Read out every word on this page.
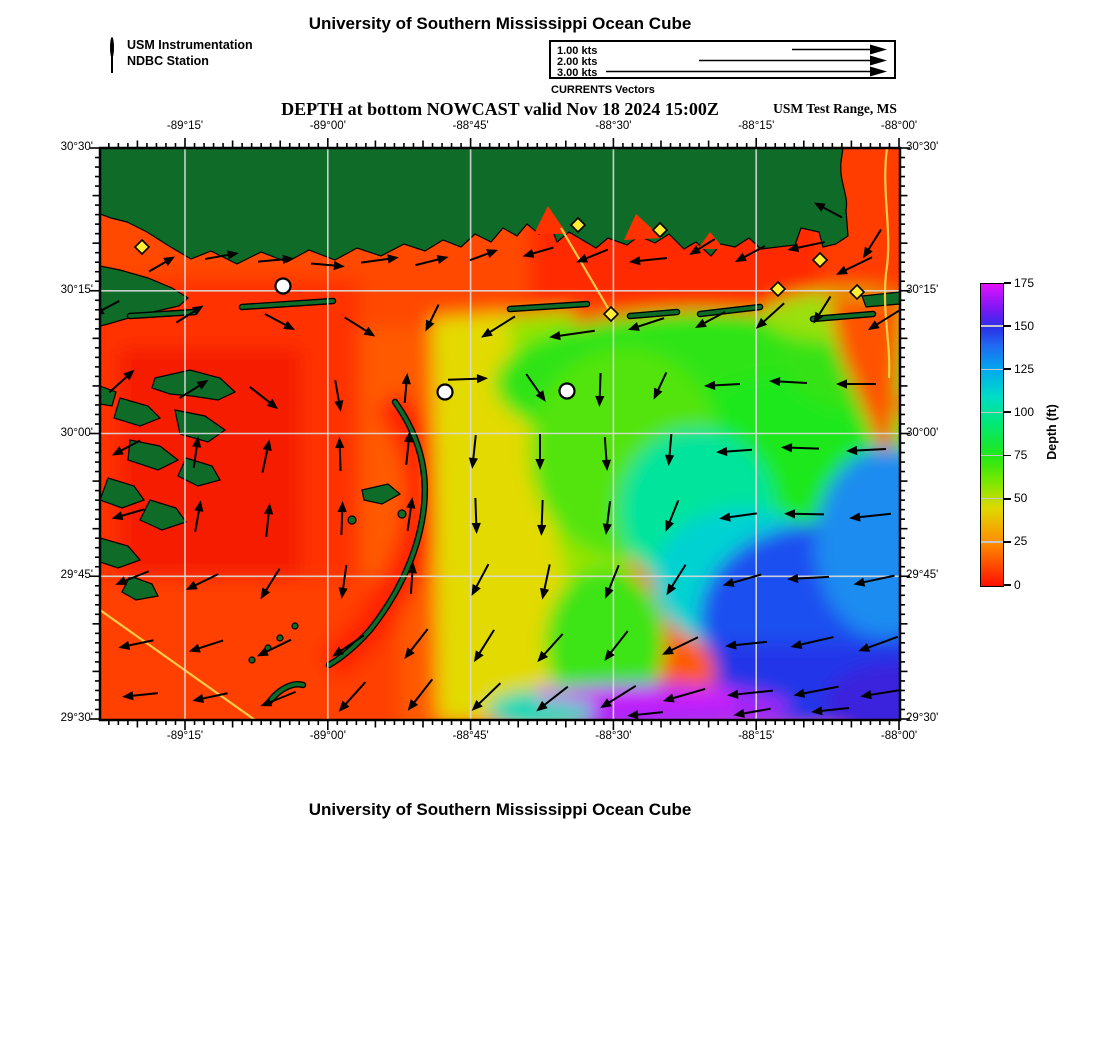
University of Southern Mississippi Ocean Cube
USM Instrumentation
NDBC Station
1.00 kts
2.00 kts
3.00 kts
CURRENTS Vectors
DEPTH at bottom NOWCAST valid Nov 18 2024 15:00Z	USM Test Range, MS
Depth (ft)
University of Southern Mississippi Ocean Cube
-89°15'
-89°15'
-89°00'
-89°00'
-88°45'
-88°45'
-88°30'
-88°30'
-88°15'
-88°15'
-88°00'
-88°00'
30°30'	30°30'
30°15'	30°15'
30°00'	30°00'
29°45'	29°45'
29°30'	29°30'
0
25
50
75
100
125
150
175
